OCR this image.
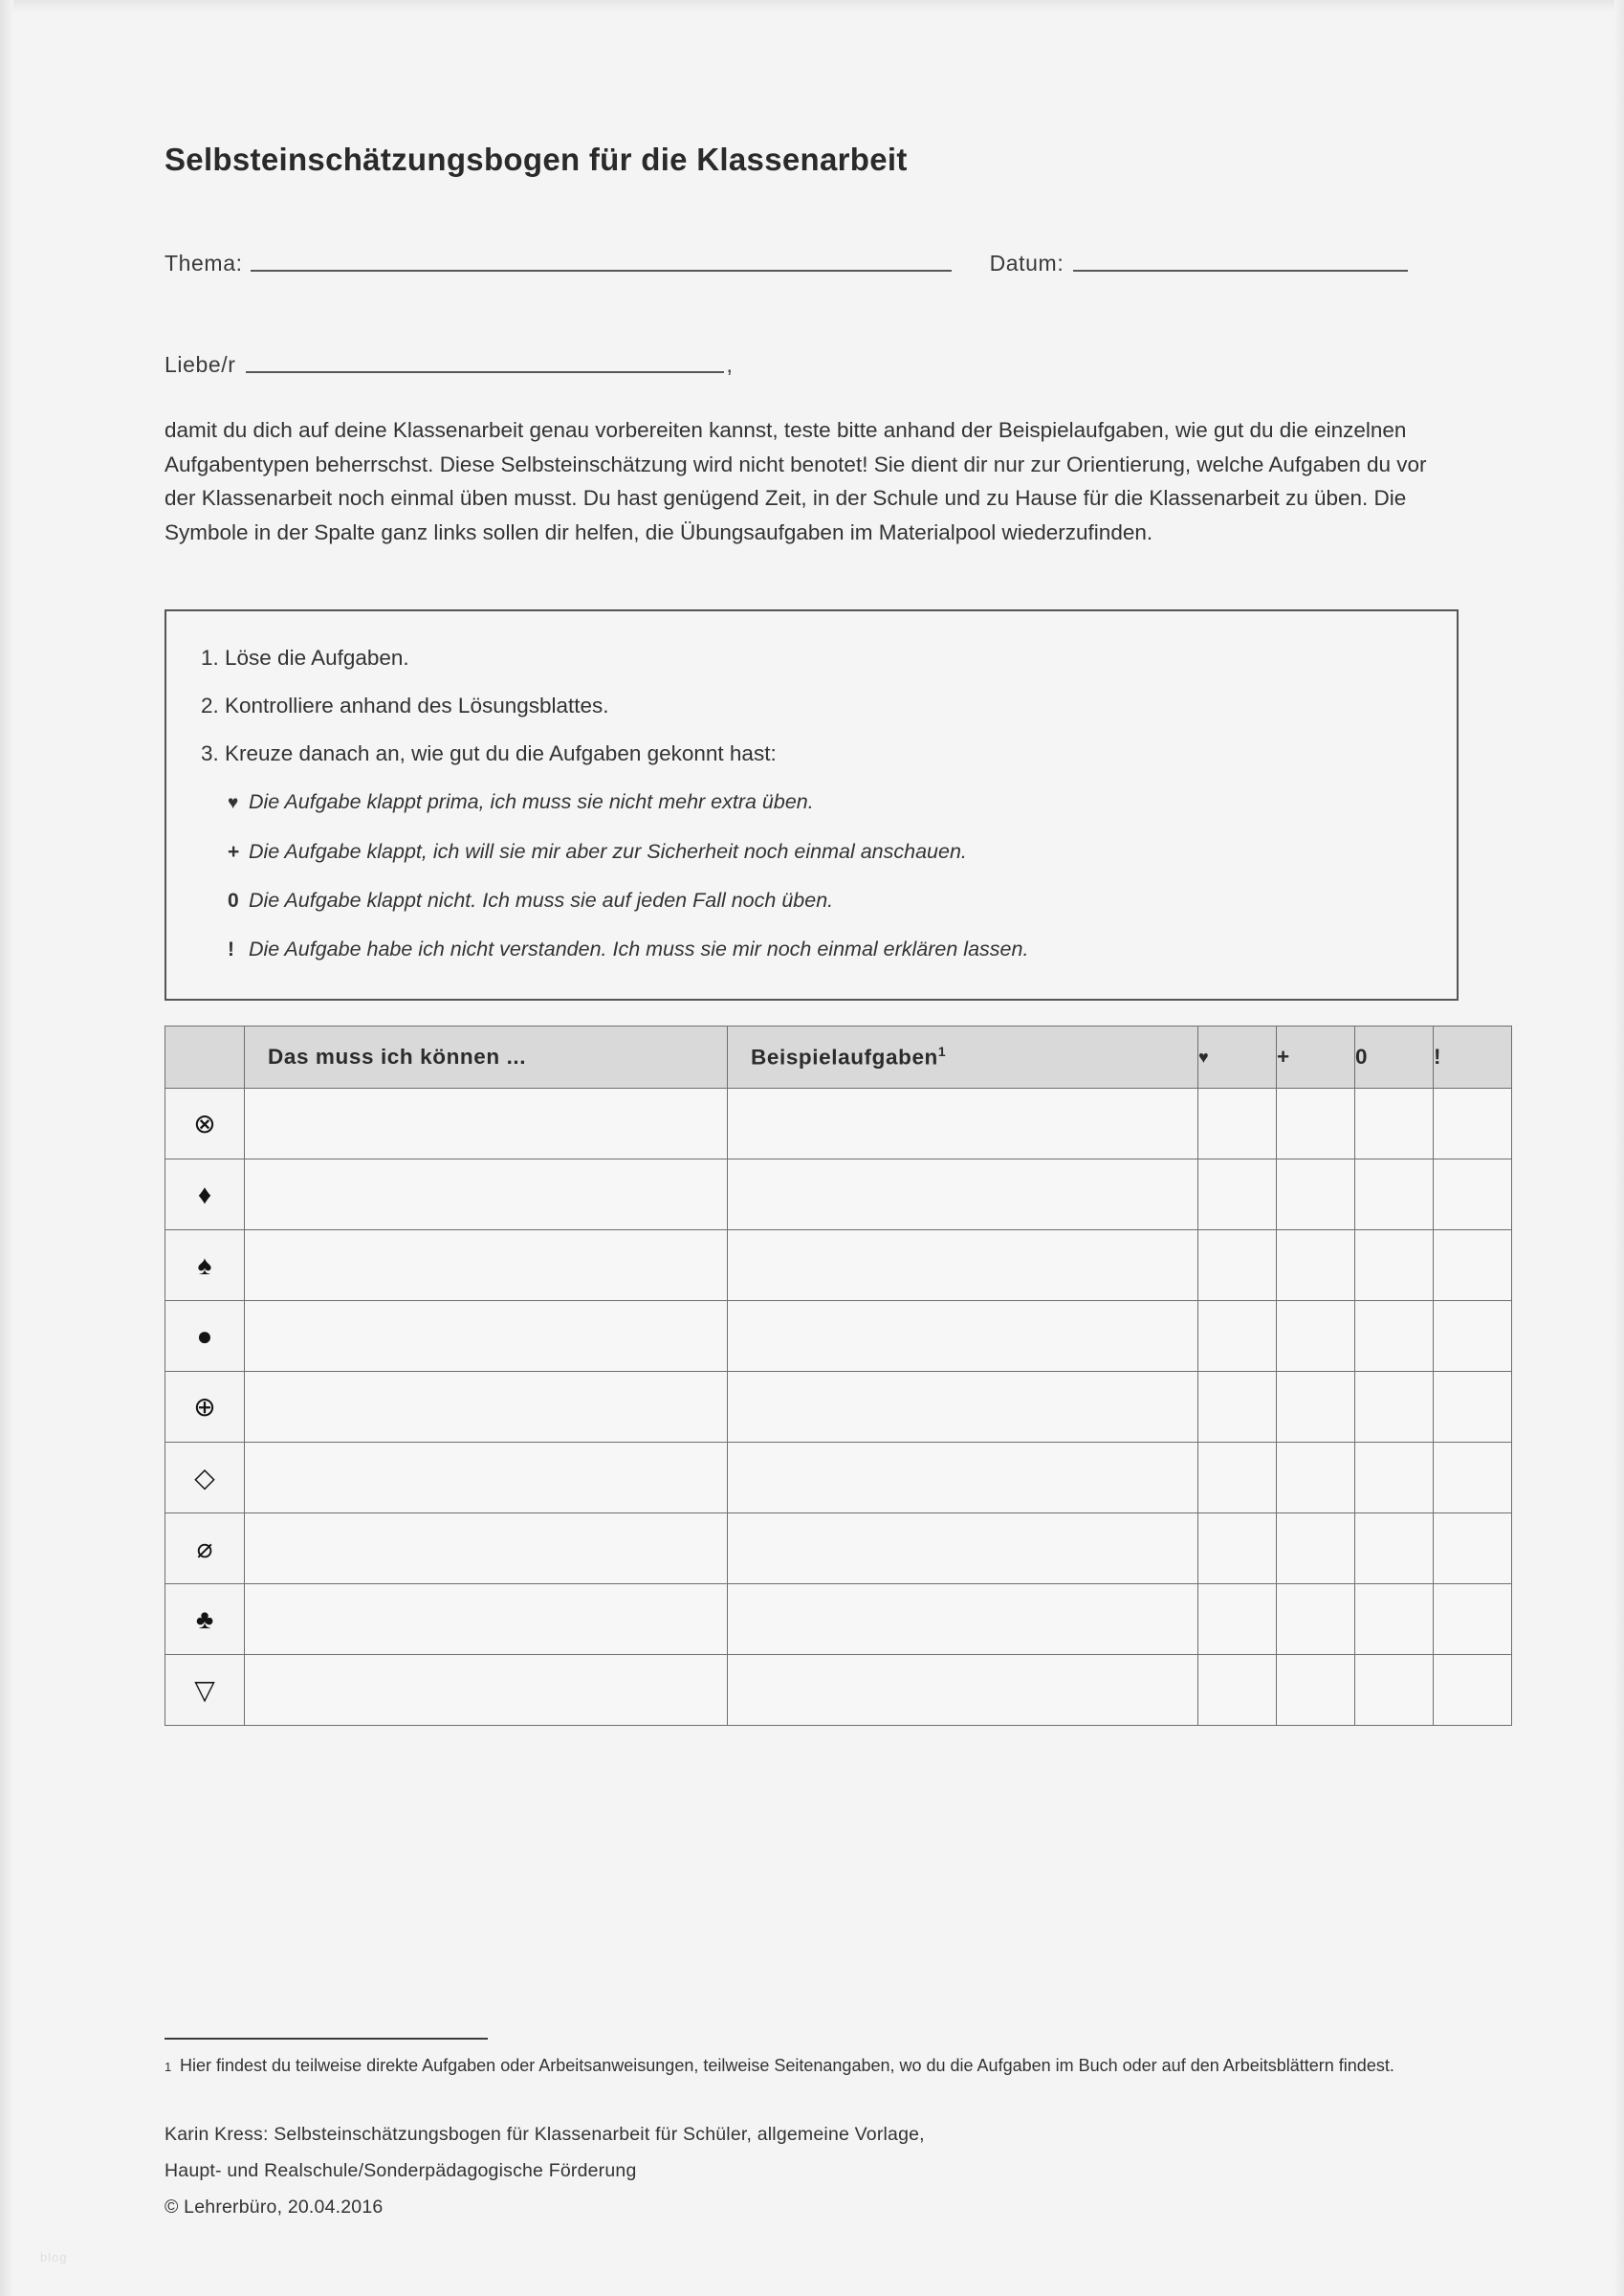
blog
Selbsteinschätzungsbogen für die Klassenarbeit
Thema:	Datum:
Liebe/r	,
damit du dich auf deine Klassenarbeit genau vorbereiten kannst, teste bitte anhand der Beispielaufgaben, wie gut du die einzelnen Aufgabentypen beherrschst. Diese Selbsteinschätzung wird nicht benotet! Sie dient dir nur zur Orientierung, welche Aufgaben du vor der Klassenarbeit noch einmal üben musst. Du hast genügend Zeit, in der Schule und zu Hause für die Klassenarbeit zu üben. Die Symbole in der Spalte ganz links sollen dir helfen, die Übungsaufgaben im Materialpool wiederzufinden.
1. Löse die Aufgaben.
2. Kontrolliere anhand des Lösungsblattes.
3. Kreuze danach an, wie gut du die Aufgaben gekonnt hast:
♥ Die Aufgabe klappt prima, ich muss sie nicht mehr extra üben.
+ Die Aufgabe klappt, ich will sie mir aber zur Sicherheit noch einmal anschauen.
0 Die Aufgabe klappt nicht. Ich muss sie auf jeden Fall noch üben.
! Die Aufgabe habe ich nicht verstanden. Ich muss sie mir noch einmal erklären lassen.
	Das muss ich können ...	Beispielaufgaben$^1$	♥	+	0	!
⊗						
♦						
♠						
●						
⊕						
◇						
⌀						
♣						
▽						
1 Hier findest du teilweise direkte Aufgaben oder Arbeitsanweisungen, teilweise Seitenangaben, wo du die Aufgaben im Buch oder auf den Arbeitsblättern findest.
Karin Kress: Selbsteinschätzungsbogen für Klassenarbeit für Schüler, allgemeine Vorlage,
Haupt- und Realschule/Sonderpädagogische Förderung
© Lehrerbüro, 20.04.2016
